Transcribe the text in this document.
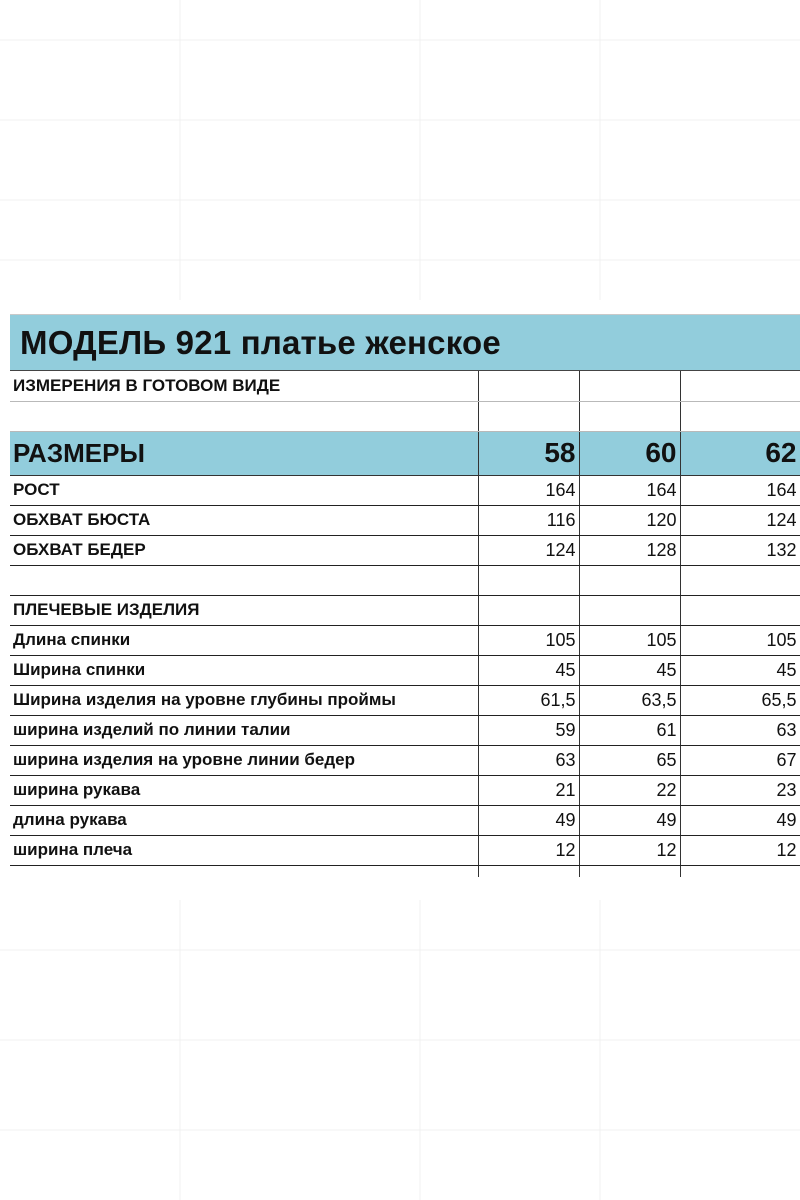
МОДЕЛЬ 921 платье женское
ИЗМЕРЕНИЯ В ГОТОВОМ ВИДЕ			

РАЗМЕРЫ	58	60	62
РОСТ	164	164	164
ОБХВАТ БЮСТА	116	120	124
ОБХВАТ БЕДЕР	124	128	132

ПЛЕЧЕВЫЕ ИЗДЕЛИЯ			
Длина спинки	105	105	105
Ширина спинки	45	45	45
Ширина изделия на уровне глубины проймы	61,5	63,5	65,5
ширина изделий по линии талии	59	61	63
ширина изделия на уровне линии бедер	63	65	67
ширина рукава	21	22	23
длина рукава	49	49	49
ширина плеча	12	12	12
